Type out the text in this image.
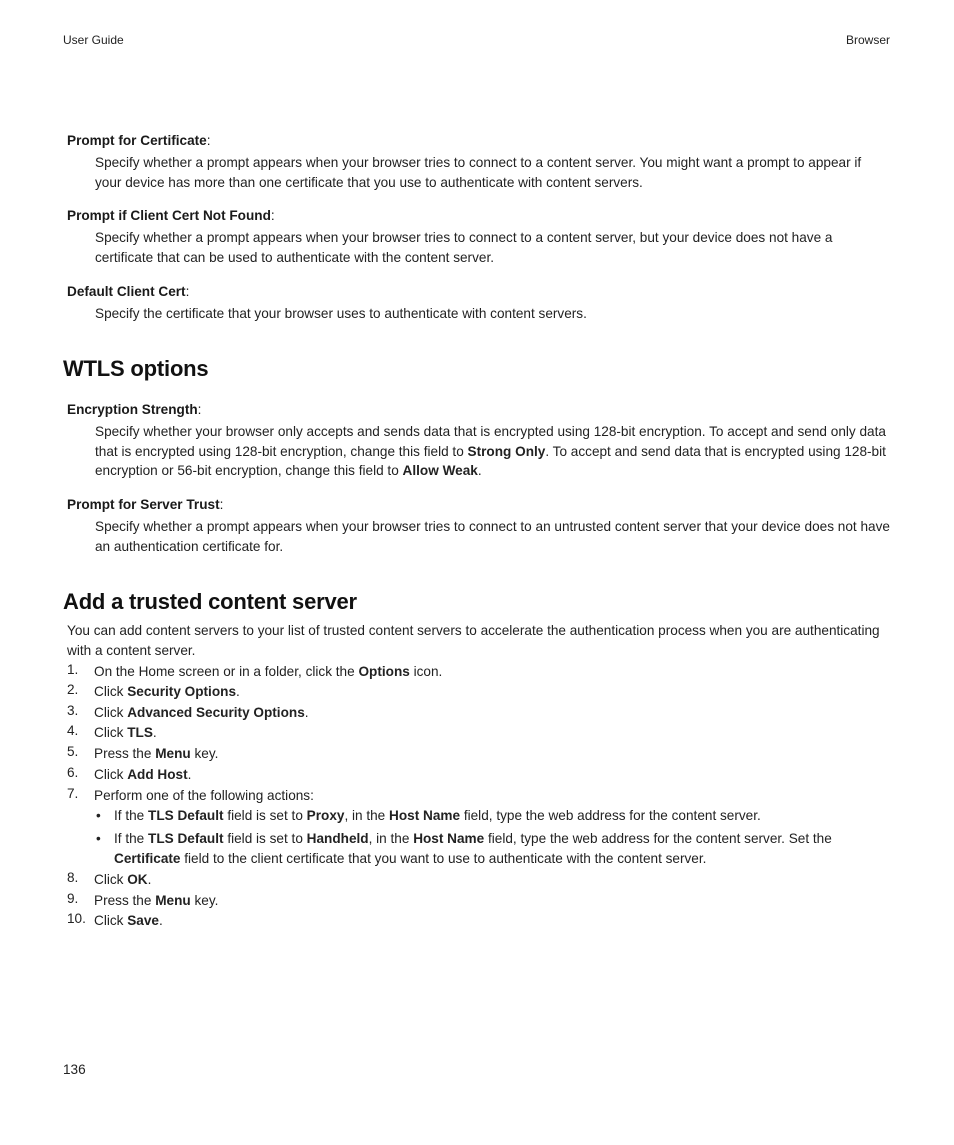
User Guide	Browser
Prompt for Certificate:
Specify whether a prompt appears when your browser tries to connect to a content server. You might want a prompt to appear if your device has more than one certificate that you use to authenticate with content servers.
Prompt if Client Cert Not Found:
Specify whether a prompt appears when your browser tries to connect to a content server, but your device does not have a certificate that can be used to authenticate with the content server.
Default Client Cert:
Specify the certificate that your browser uses to authenticate with content servers.
WTLS options
Encryption Strength:
Specify whether your browser only accepts and sends data that is encrypted using 128-bit encryption. To accept and send only data that is encrypted using 128-bit encryption, change this field to Strong Only. To accept and send data that is encrypted using 128-bit encryption or 56-bit encryption, change this field to Allow Weak.
Prompt for Server Trust:
Specify whether a prompt appears when your browser tries to connect to an untrusted content server that your device does not have an authentication certificate for.
Add a trusted content server
You can add content servers to your list of trusted content servers to accelerate the authentication process when you are authenticating with a content server.
1. On the Home screen or in a folder, click the Options icon.
2. Click Security Options.
3. Click Advanced Security Options.
4. Click TLS.
5. Press the Menu key.
6. Click Add Host.
7. Perform one of the following actions:
• If the TLS Default field is set to Proxy, in the Host Name field, type the web address for the content server.
• If the TLS Default field is set to Handheld, in the Host Name field, type the web address for the content server. Set the Certificate field to the client certificate that you want to use to authenticate with the content server.
8. Click OK.
9. Press the Menu key.
10. Click Save.
136
